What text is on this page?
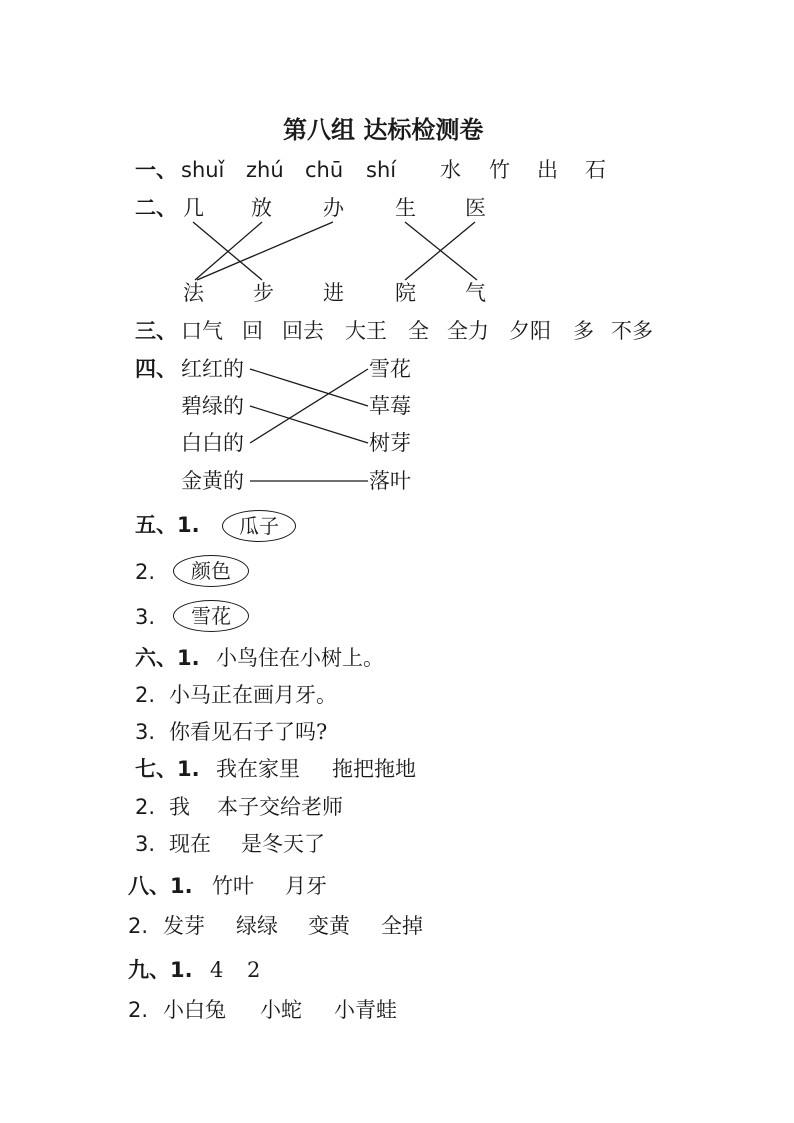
第八组 达标检测卷
一、 shuǐ zhú chū shí 水 竹 出 石
二、 几 放 办 生 医
法 步 进 院 气
三、 口气 回 回去 大王 全 全力 夕阳 多 不多
四、 红红的
碧绿的
白白的
金黄的
雪花
草莓
树芽
落叶
五、1. 瓜子
2. 颜色
3. 雪花
六、1. 小鸟住在小树上。
2. 小马正在画月牙。
3. 你看见石子了吗?
七、1. 我在家里 拖把拖地
2. 我 本子交给老师
3. 现在 是冬天了
八、1. 竹叶 月牙
2. 发芽 绿绿 变黄 全掉
九、1. 4 2
2. 小白兔 小蛇 小青蛙
